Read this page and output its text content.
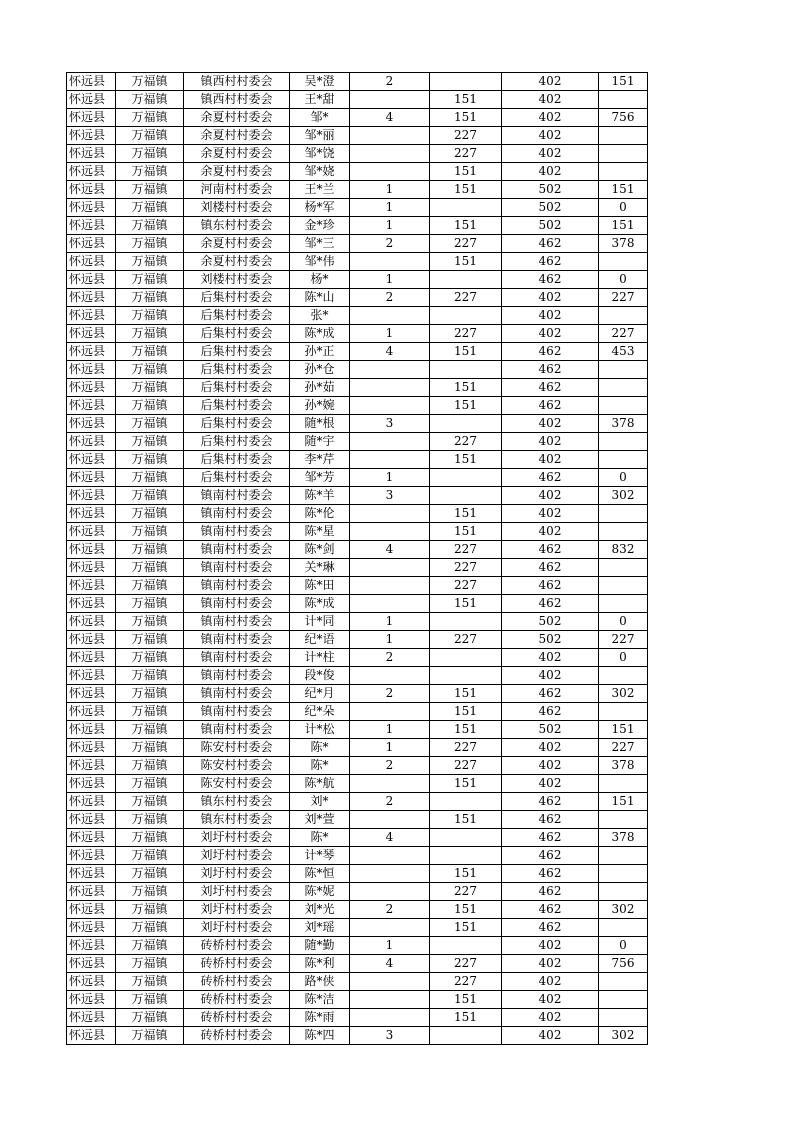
怀远县	万福镇	镇西村村委会	吴*澄	2		402	151
怀远县	万福镇	镇西村村委会	王*甜		151	402	
怀远县	万福镇	余夏村村委会	邹*	4	151	402	756
怀远县	万福镇	余夏村村委会	邹*丽		227	402	
怀远县	万福镇	余夏村村委会	邹*饶		227	402	
怀远县	万福镇	余夏村村委会	邹*娆		151	402	
怀远县	万福镇	河南村村委会	王*兰	1	151	502	151
怀远县	万福镇	刘楼村村委会	杨*军	1		502	0
怀远县	万福镇	镇东村村委会	金*珍	1	151	502	151
怀远县	万福镇	余夏村村委会	邹*三	2	227	462	378
怀远县	万福镇	余夏村村委会	邹*伟		151	462	
怀远县	万福镇	刘楼村村委会	杨*	1		462	0
怀远县	万福镇	后集村村委会	陈*山	2	227	402	227
怀远县	万福镇	后集村村委会	张*			402	
怀远县	万福镇	后集村村委会	陈*成	1	227	402	227
怀远县	万福镇	后集村村委会	孙*正	4	151	462	453
怀远县	万福镇	后集村村委会	孙*仓			462	
怀远县	万福镇	后集村村委会	孙*茹		151	462	
怀远县	万福镇	后集村村委会	孙*婉		151	462	
怀远县	万福镇	后集村村委会	随*根	3		402	378
怀远县	万福镇	后集村村委会	随*宇		227	402	
怀远县	万福镇	后集村村委会	李*芹		151	402	
怀远县	万福镇	后集村村委会	邹*芳	1		462	0
怀远县	万福镇	镇南村村委会	陈*羊	3		402	302
怀远县	万福镇	镇南村村委会	陈*伦		151	402	
怀远县	万福镇	镇南村村委会	陈*星		151	402	
怀远县	万福镇	镇南村村委会	陈*剑	4	227	462	832
怀远县	万福镇	镇南村村委会	关*琳		227	462	
怀远县	万福镇	镇南村村委会	陈*田		227	462	
怀远县	万福镇	镇南村村委会	陈*成		151	462	
怀远县	万福镇	镇南村村委会	计*同	1		502	0
怀远县	万福镇	镇南村村委会	纪*语	1	227	502	227
怀远县	万福镇	镇南村村委会	计*柱	2		402	0
怀远县	万福镇	镇南村村委会	段*俊			402	
怀远县	万福镇	镇南村村委会	纪*月	2	151	462	302
怀远县	万福镇	镇南村村委会	纪*朵		151	462	
怀远县	万福镇	镇南村村委会	计*松	1	151	502	151
怀远县	万福镇	陈安村村委会	陈*	1	227	402	227
怀远县	万福镇	陈安村村委会	陈*	2	227	402	378
怀远县	万福镇	陈安村村委会	陈*航		151	402	
怀远县	万福镇	镇东村村委会	刘*	2		462	151
怀远县	万福镇	镇东村村委会	刘*萱		151	462	
怀远县	万福镇	刘圩村村委会	陈*	4		462	378
怀远县	万福镇	刘圩村村委会	计*琴			462	
怀远县	万福镇	刘圩村村委会	陈*恒		151	462	
怀远县	万福镇	刘圩村村委会	陈*妮		227	462	
怀远县	万福镇	刘圩村村委会	刘*光	2	151	462	302
怀远县	万福镇	刘圩村村委会	刘*瑶		151	462	
怀远县	万福镇	砖桥村村委会	随*勤	1		402	0
怀远县	万福镇	砖桥村村委会	陈*利	4	227	402	756
怀远县	万福镇	砖桥村村委会	路*侠		227	402	
怀远县	万福镇	砖桥村村委会	陈*洁		151	402	
怀远县	万福镇	砖桥村村委会	陈*雨		151	402	
怀远县	万福镇	砖桥村村委会	陈*四	3		402	302
